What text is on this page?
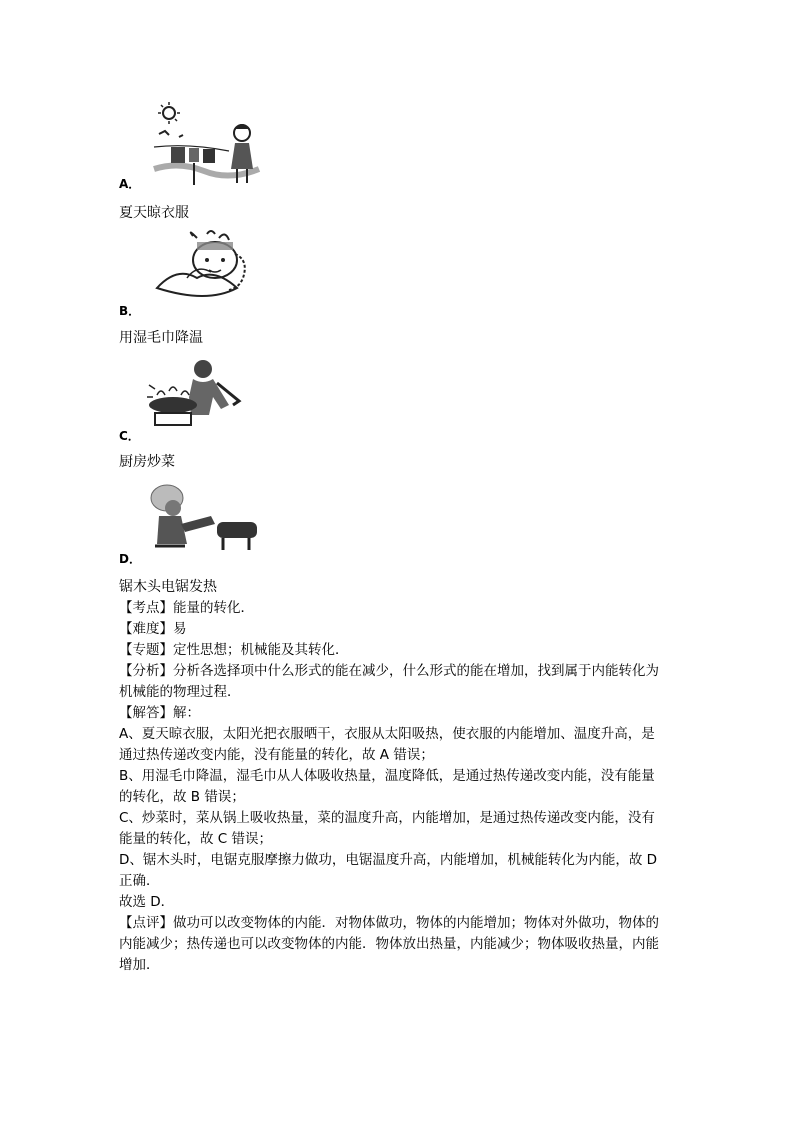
A．
夏天晾衣服
B．
用湿毛巾降温
C．
厨房炒菜
D．
锯木头电锯发热

【考点】能量的转化．

【难度】易

【专题】定性思想；机械能及其转化．

【分析】分析各选择项中什么形式的能在减少，什么形式的能在增加，找到属于内能转化为

机械能的物理过程．

【解答】解：

A、夏天晾衣服，太阳光把衣服晒干，衣服从太阳吸热，使衣服的内能增加、温度升高，是

通过热传递改变内能，没有能量的转化，故 A 错误；

B、用湿毛巾降温，湿毛巾从人体吸收热量，温度降低，是通过热传递改变内能，没有能量

的转化，故 B 错误；

C、炒菜时，菜从锅上吸收热量，菜的温度升高，内能增加，是通过热传递改变内能，没有

能量的转化，故 C 错误；

D、锯木头时，电锯克服摩擦力做功，电锯温度升高，内能增加，机械能转化为内能，故 D

正确．

故选 D．

【点评】做功可以改变物体的内能．对物体做功，物体的内能增加；物体对外做功，物体的

内能减少；热传递也可以改变物体的内能．物体放出热量，内能减少；物体吸收热量，内能

增加．
